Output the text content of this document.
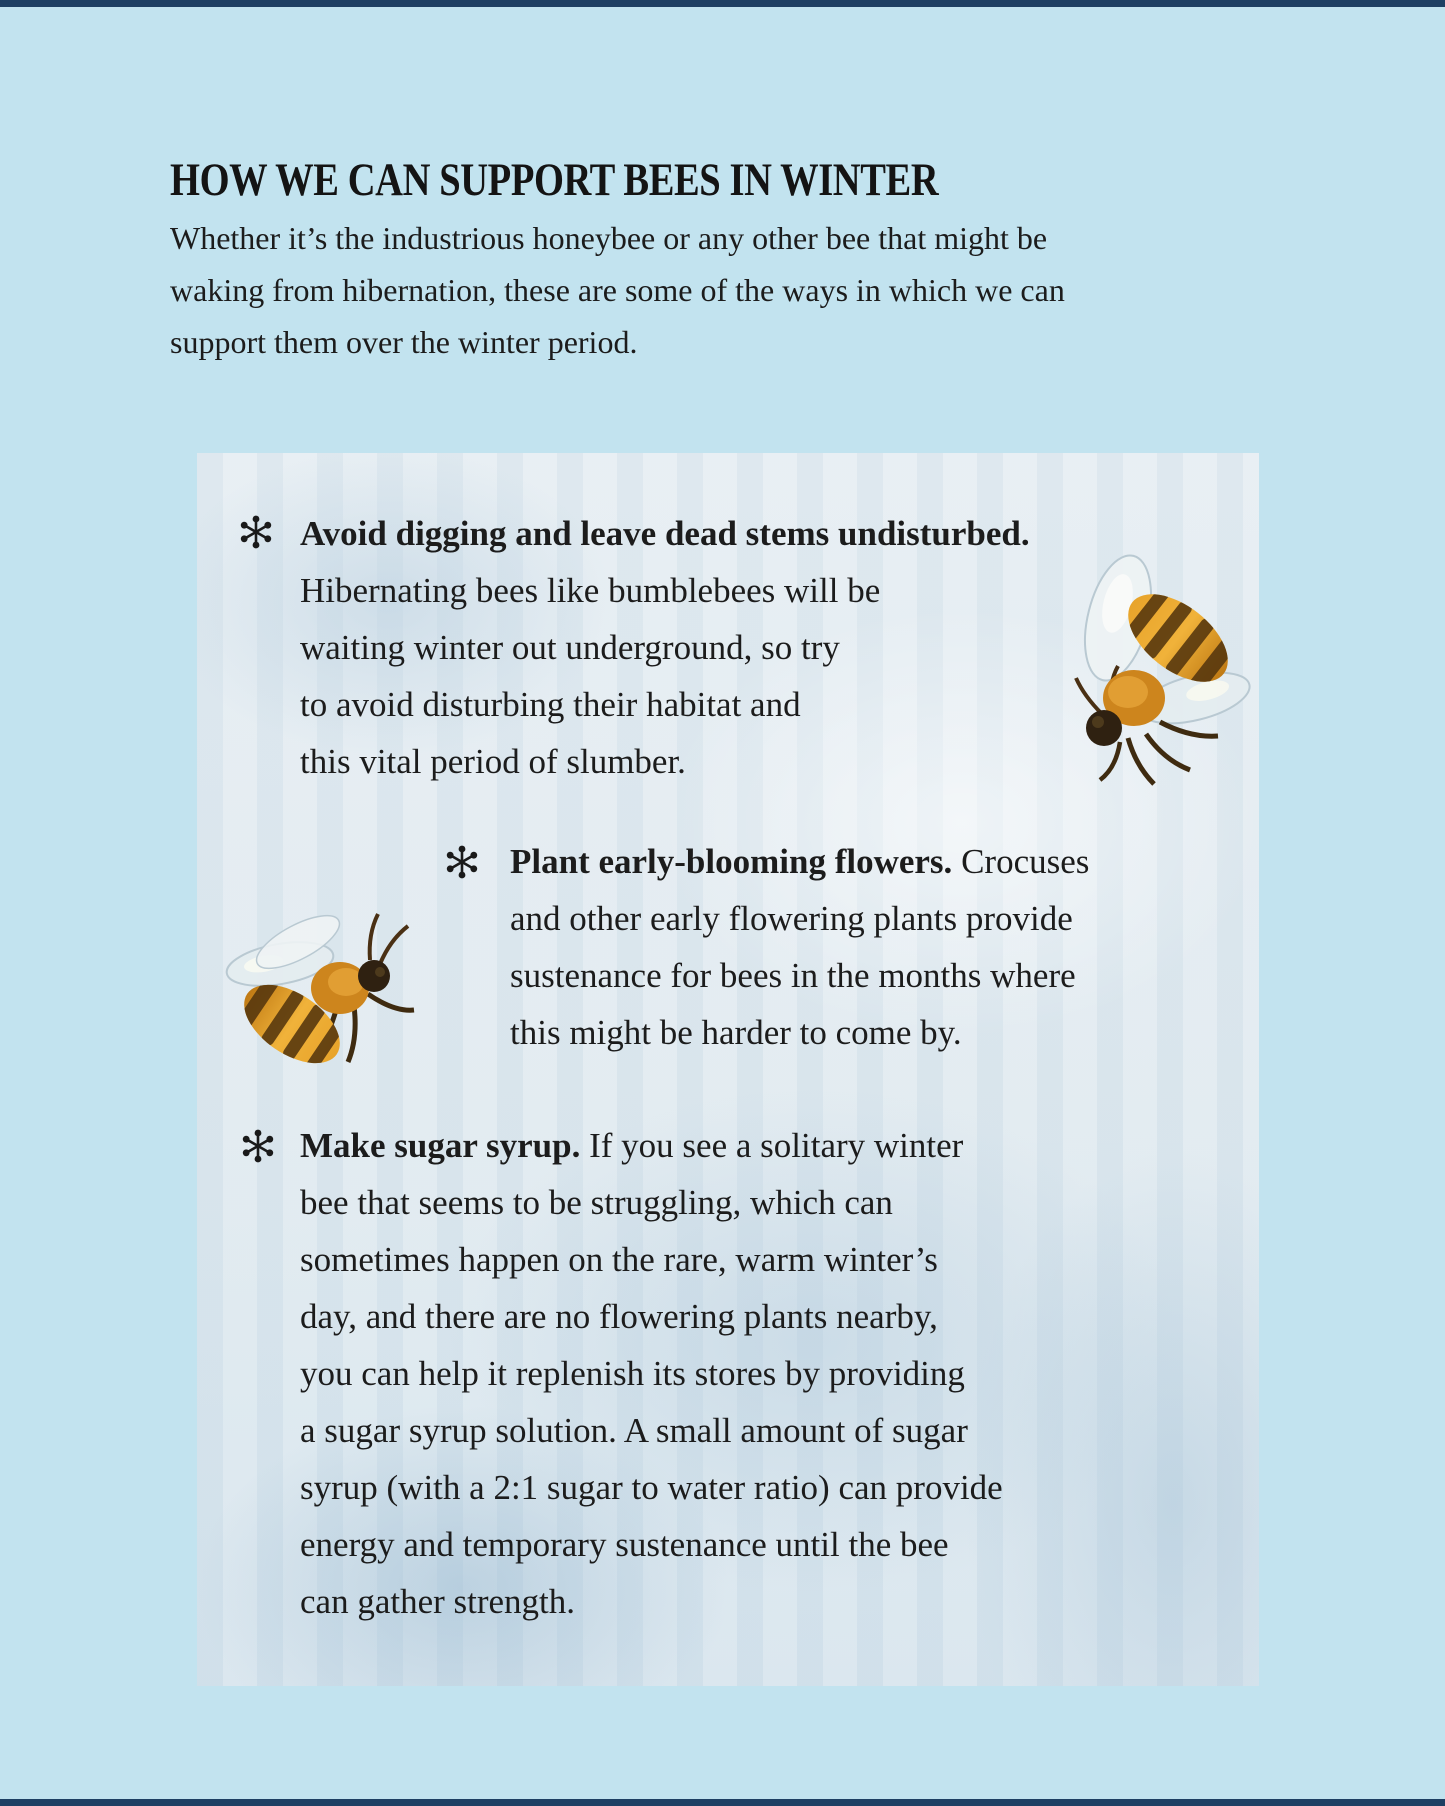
HOW WE CAN SUPPORT BEES IN WINTER
Whether it’s the industrious honeybee or any other bee that might be
waking from hibernation, these are some of the ways in which we can
support them over the winter period.
Avoid digging and leave dead stems undisturbed.
Hibernating bees like bumblebees will be
waiting winter out underground, so try
to avoid disturbing their habitat and
this vital period of slumber.
Plant early-blooming flowers. Crocuses
and other early flowering plants provide
sustenance for bees in the months where
this might be harder to come by.
Make sugar syrup. If you see a solitary winter
bee that seems to be struggling, which can
sometimes happen on the rare, warm winter’s
day, and there are no flowering plants nearby,
you can help it replenish its stores by providing
a sugar syrup solution. A small amount of sugar
syrup (with a 2:1 sugar to water ratio) can provide
energy and temporary sustenance until the bee
can gather strength.
